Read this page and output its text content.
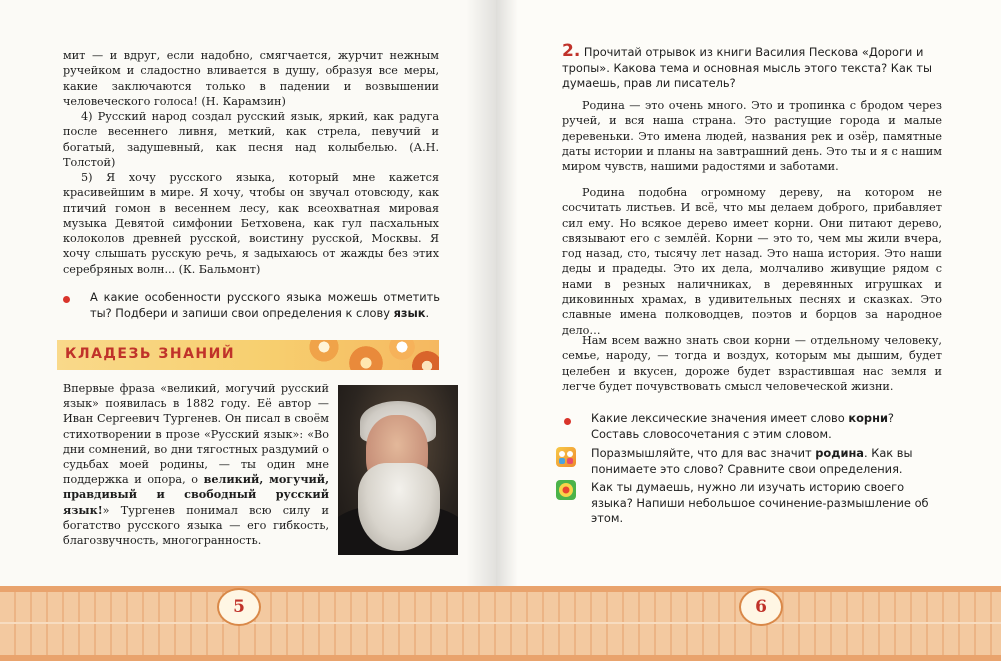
мит — и вдруг, если надобно, смягчается, журчит нежным ручейком и сладостно вливается в душу, образуя все меры, какие заключаются только в падении и возвышении человеческого голоса! (Н. Карамзин)

4) Русский народ создал русский язык, яркий, как радуга после весеннего ливня, меткий, как стрела, певучий и богатый, задушевный, как песня над колыбелью. (А.Н. Толстой)

5) Я хочу русского языка, который мне кажется красивейшим в мире. Я хочу, чтобы он звучал отовсюду, как птичий гомон в весеннем лесу, как всеохватная мировая музыка Девятой симфонии Бетховена, как гул пасхальных колоколов древней русской, воистину русской, Москвы. Я хочу слышать русскую речь, я задыхаюсь от жажды без этих серебряных волн... (К. Бальмонт)

А какие особенности русского языка можешь отметить ты? Подбери и запиши свои определения к слову язык.

КЛАДЕЗЬ ЗНАНИЙ

Впервые фраза «великий, могучий русский язык» появилась в 1882 году. Её автор — Иван Сергеевич Тургенев. Он писал в своём стихотворении в прозе «Русский язык»: «Во дни сомнений, во дни тягостных раздумий о судьбах моей родины, — ты один мне поддержка и опора, о великий, могучий, правдивый и свободный русский язык!» Тургенев понимал всю силу и богатство русского языка — его гибкость, благозвучность, многогранность.

2. Прочитай отрывок из книги Василия Пескова «Дороги и тропы». Какова тема и основная мысль этого текста? Как ты думаешь, прав ли писатель?

Родина — это очень много. Это и тропинка с бродом через ручей, и вся наша страна. Это растущие города и малые деревеньки. Это имена людей, названия рек и озёр, памятные даты истории и планы на завтрашний день. Это ты и я с нашим миром чувств, нашими радостями и заботами.

Родина подобна огромному дереву, на котором не сосчитать листьев. И всё, что мы делаем доброго, прибавляет сил ему. Но всякое дерево имеет корни. Они питают дерево, связывают его с землёй. Корни — это то, чем мы жили вчера, год назад, сто, тысячу лет назад. Это наша история. Это наши деды и прадеды. Это их дела, молчаливо живущие рядом с нами в резных наличниках, в деревянных игрушках и диковинных храмах, в удивительных песнях и сказках. Это славные имена полководцев, поэтов и борцов за народное дело…

Нам всем важно знать свои корни — отдельному человеку, семье, народу, — тогда и воздух, которым мы дышим, будет целебен и вкусен, дороже будет взрастившая нас земля и легче будет почувствовать смысл человеческой жизни.

Какие лексические значения имеет слово корни? Составь словосочетания с этим словом.

Поразмышляйте, что для вас значит родина. Как вы понимаете это слово? Сравните свои определения.

Как ты думаешь, нужно ли изучать историю своего языка? Напиши небольшое сочинение-размышление об этом.

5	6
